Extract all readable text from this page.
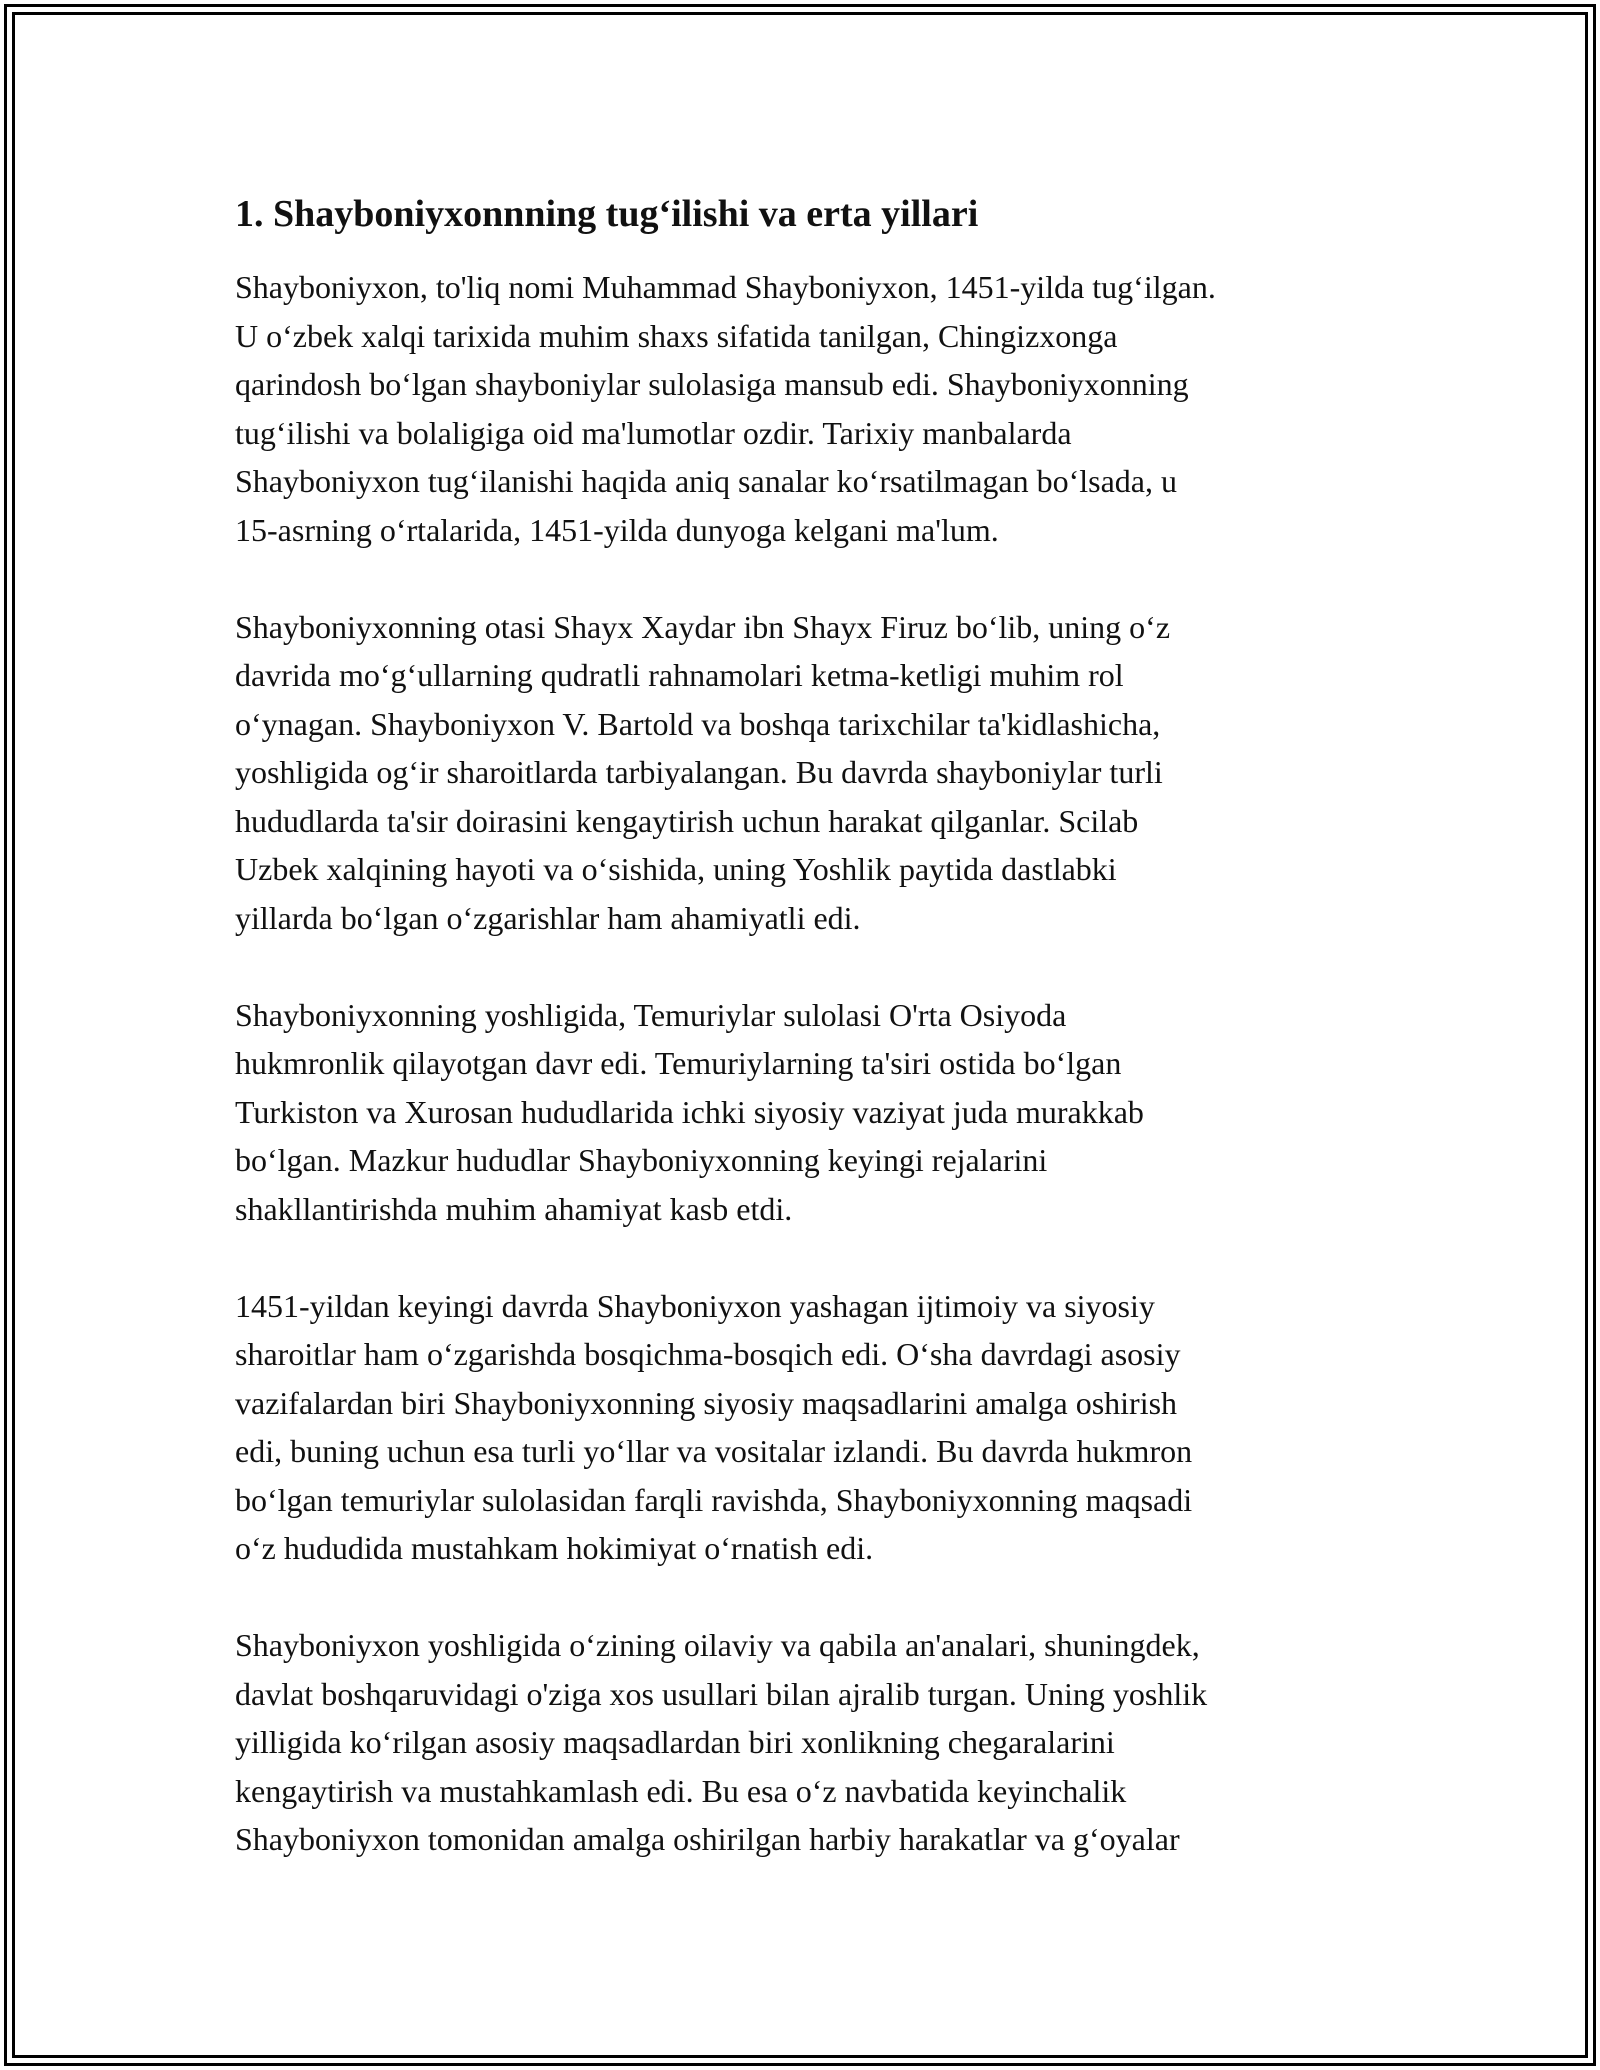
1. Shayboniyxonnning tug‘ilishi va erta yillari

Shayboniyxon, to'liq nomi Muhammad Shayboniyxon, 1451-yilda tug‘ilgan.
U o‘zbek xalqi tarixida muhim shaxs sifatida tanilgan, Chingizxonga
qarindosh bo‘lgan shayboniylar sulolasiga mansub edi. Shayboniyxonning
tug‘ilishi va bolaligiga oid ma'lumotlar ozdir. Tarixiy manbalarda
Shayboniyxon tug‘ilanishi haqida aniq sanalar ko‘rsatilmagan bo‘lsada, u
15-asrning o‘rtalarida, 1451-yilda dunyoga kelgani ma'lum.

Shayboniyxonning otasi Shayx Xaydar ibn Shayx Firuz bo‘lib, uning o‘z
davrida mo‘g‘ullarning qudratli rahnamolari ketma-ketligi muhim rol
o‘ynagan. Shayboniyxon V. Bartold va boshqa tarixchilar ta'kidlashicha,
yoshligida og‘ir sharoitlarda tarbiyalangan. Bu davrda shayboniylar turli
hududlarda ta'sir doirasini kengaytirish uchun harakat qilganlar. Scilab
Uzbek xalqining hayoti va o‘sishida, uning Yoshlik paytida dastlabki
yillarda bo‘lgan o‘zgarishlar ham ahamiyatli edi.

Shayboniyxonning yoshligida, Temuriylar sulolasi O'rta Osiyoda
hukmronlik qilayotgan davr edi. Temuriylarning ta'siri ostida bo‘lgan
Turkiston va Xurosan hududlarida ichki siyosiy vaziyat juda murakkab
bo‘lgan. Mazkur hududlar Shayboniyxonning keyingi rejalarini
shakllantirishda muhim ahamiyat kasb etdi.

1451-yildan keyingi davrda Shayboniyxon yashagan ijtimoiy va siyosiy
sharoitlar ham o‘zgarishda bosqichma-bosqich edi. O‘sha davrdagi asosiy
vazifalardan biri Shayboniyxonning siyosiy maqsadlarini amalga oshirish
edi, buning uchun esa turli yo‘llar va vositalar izlandi. Bu davrda hukmron
bo‘lgan temuriylar sulolasidan farqli ravishda, Shayboniyxonning maqsadi
o‘z hududida mustahkam hokimiyat o‘rnatish edi.

Shayboniyxon yoshligida o‘zining oilaviy va qabila an'analari, shuningdek,
davlat boshqaruvidagi o'ziga xos usullari bilan ajralib turgan. Uning yoshlik
yilligida ko‘rilgan asosiy maqsadlardan biri xonlikning chegaralarini
kengaytirish va mustahkamlash edi. Bu esa o‘z navbatida keyinchalik
Shayboniyxon tomonidan amalga oshirilgan harbiy harakatlar va g‘oyalar
